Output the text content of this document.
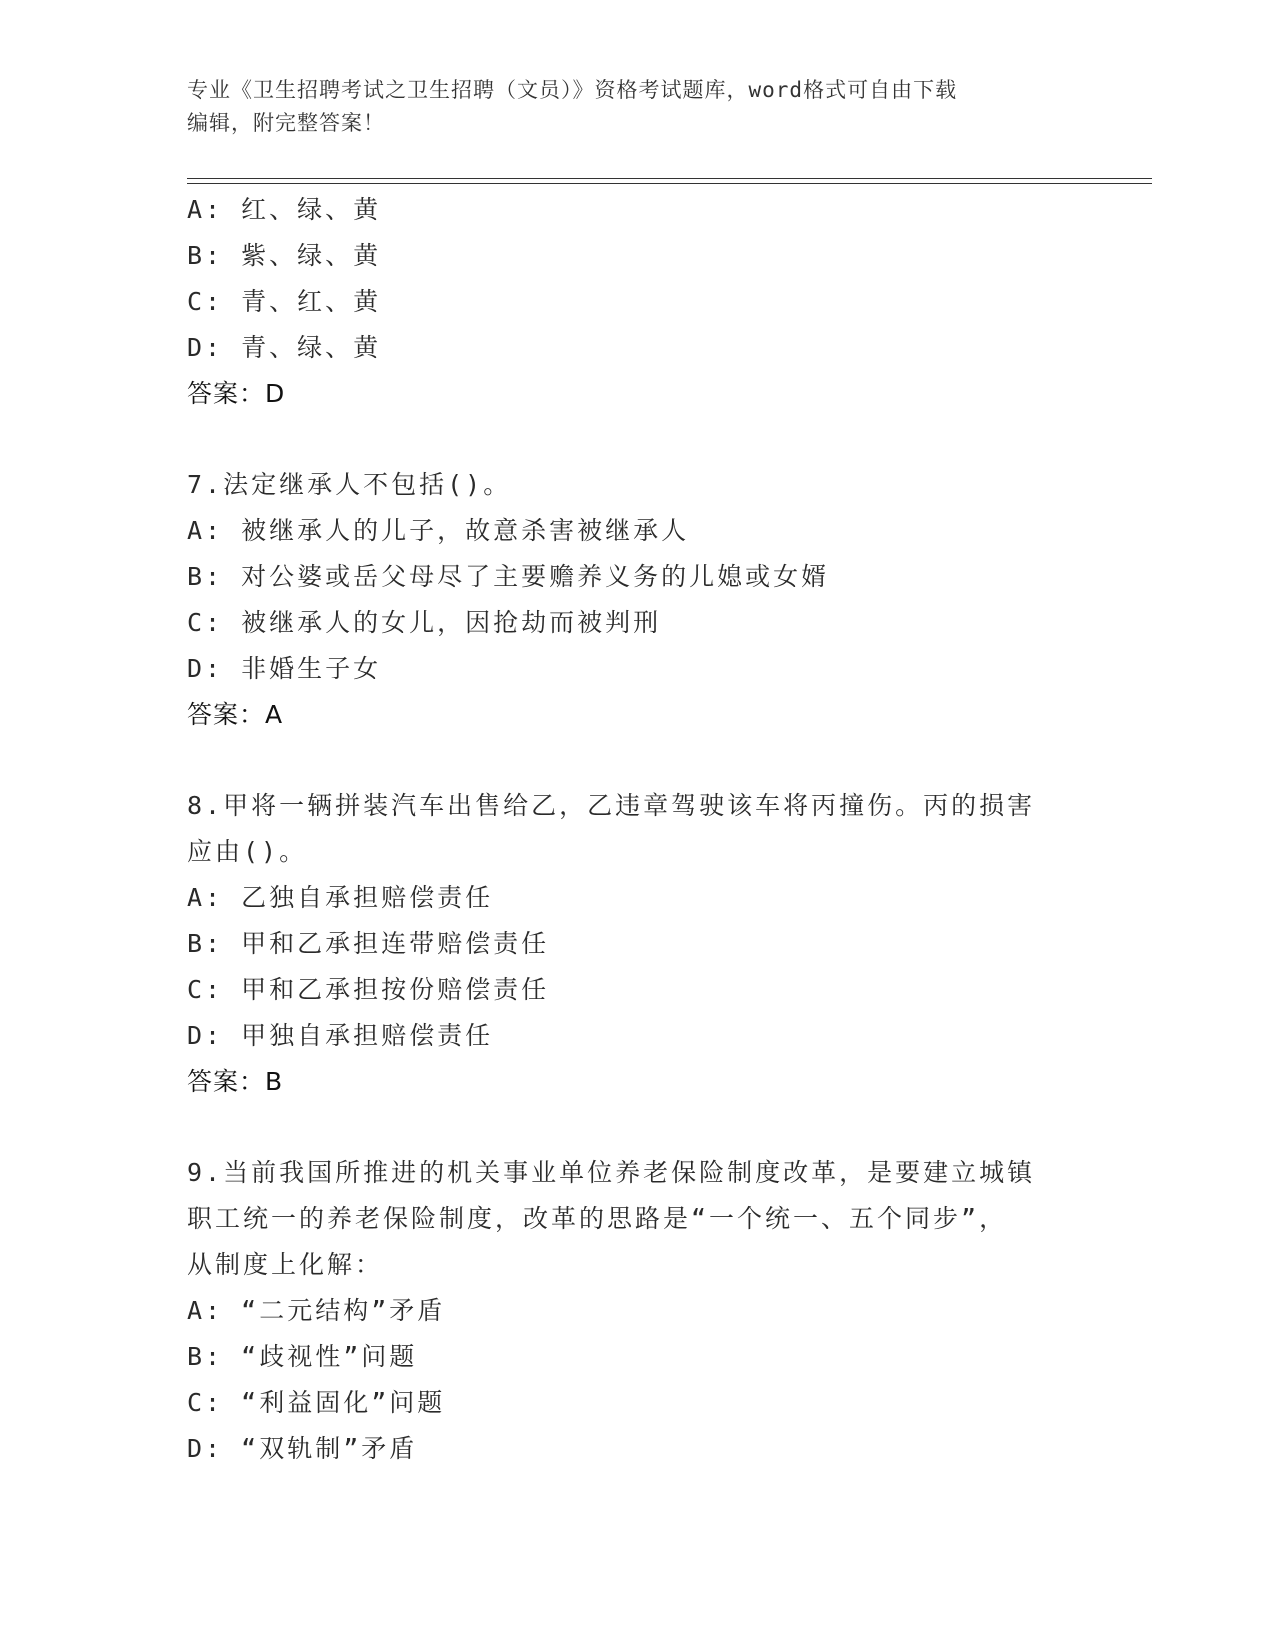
专业《卫生招聘考试之卫生招聘（文员）》资格考试题库，word格式可自由下载
编辑，附完整答案！
A: 红、绿、黄
B: 紫、绿、黄
C: 青、红、黄
D: 青、绿、黄
答案：D
7.法定继承人不包括()。
A: 被继承人的儿子，故意杀害被继承人
B: 对公婆或岳父母尽了主要赡养义务的儿媳或女婿
C: 被继承人的女儿，因抢劫而被判刑
D: 非婚生子女
答案：A
8.甲将一辆拼装汽车出售给乙，乙违章驾驶该车将丙撞伤。丙的损害
应由()。
A: 乙独自承担赔偿责任
B: 甲和乙承担连带赔偿责任
C: 甲和乙承担按份赔偿责任
D: 甲独自承担赔偿责任
答案：B
9.当前我国所推进的机关事业单位养老保险制度改革，是要建立城镇
职工统一的养老保险制度，改革的思路是“一个统一、五个同步”，
从制度上化解：
A: “二元结构”矛盾
B: “歧视性”问题
C: “利益固化”问题
D: “双轨制”矛盾
